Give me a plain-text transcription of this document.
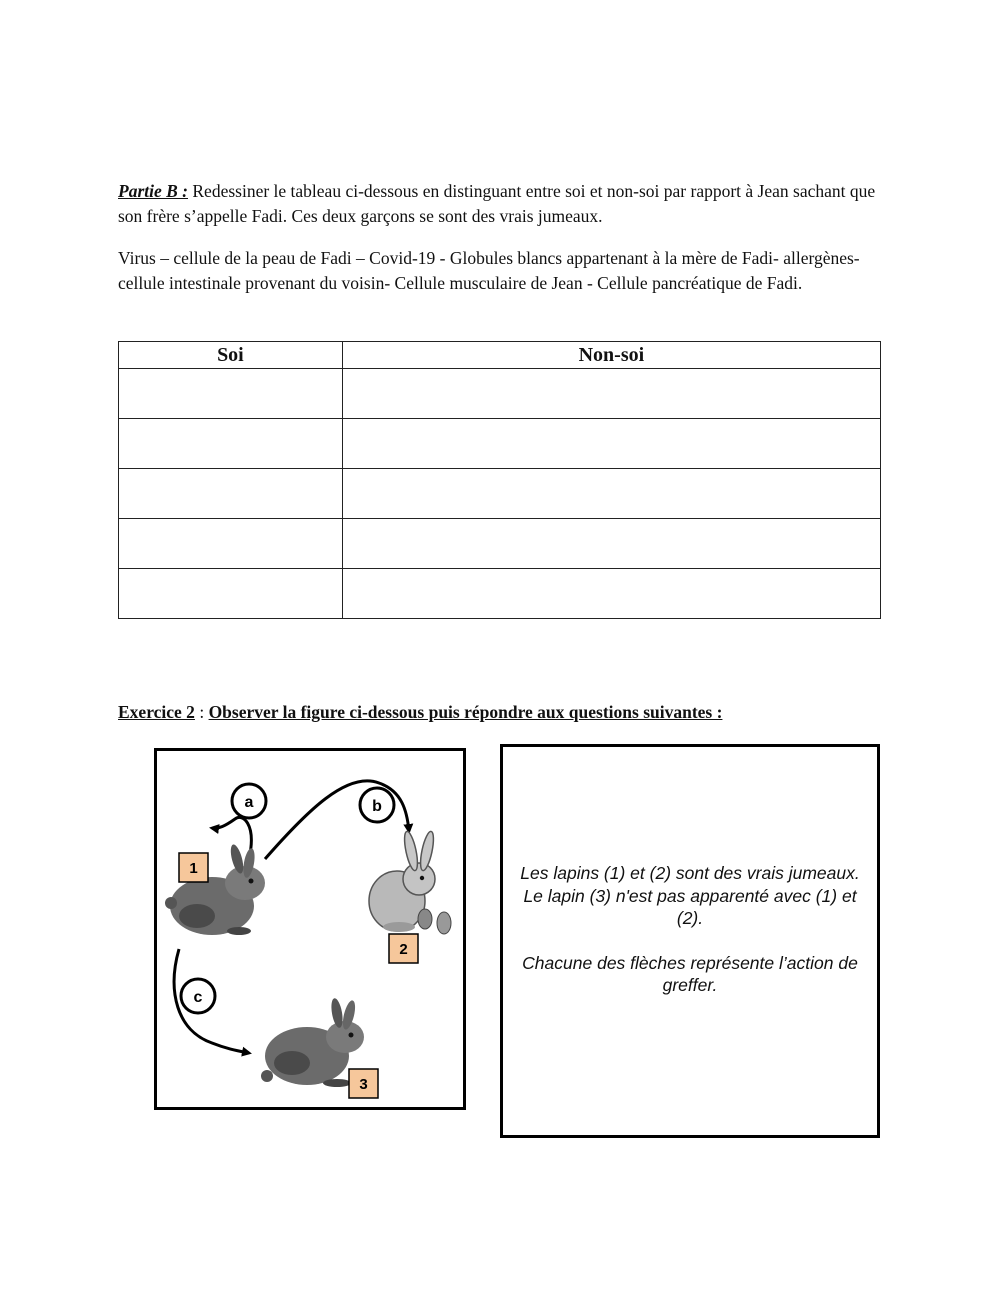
Partie B : Redessiner le tableau ci-dessous en distinguant entre soi et non-soi par rapport à Jean sachant que son frère s’appelle Fadi. Ces deux garçons se sont des vrais jumeaux.
Virus – cellule de la peau de Fadi – Covid-19 - Globules blancs appartenant à la mère de Fadi- allergènes- cellule intestinale provenant du voisin- Cellule musculaire de Jean - Cellule pancréatique de Fadi.
Soi	Non-soi

Exercice 2 : Observer la figure ci-dessous puis répondre aux questions suivantes :
a	b
c
1
2
3
Les lapins (1) et (2) sont des vrais jumeaux.
Le lapin (3) n'est pas apparenté avec (1) et (2).
Chacune des flèches représente l’action de greffer.
